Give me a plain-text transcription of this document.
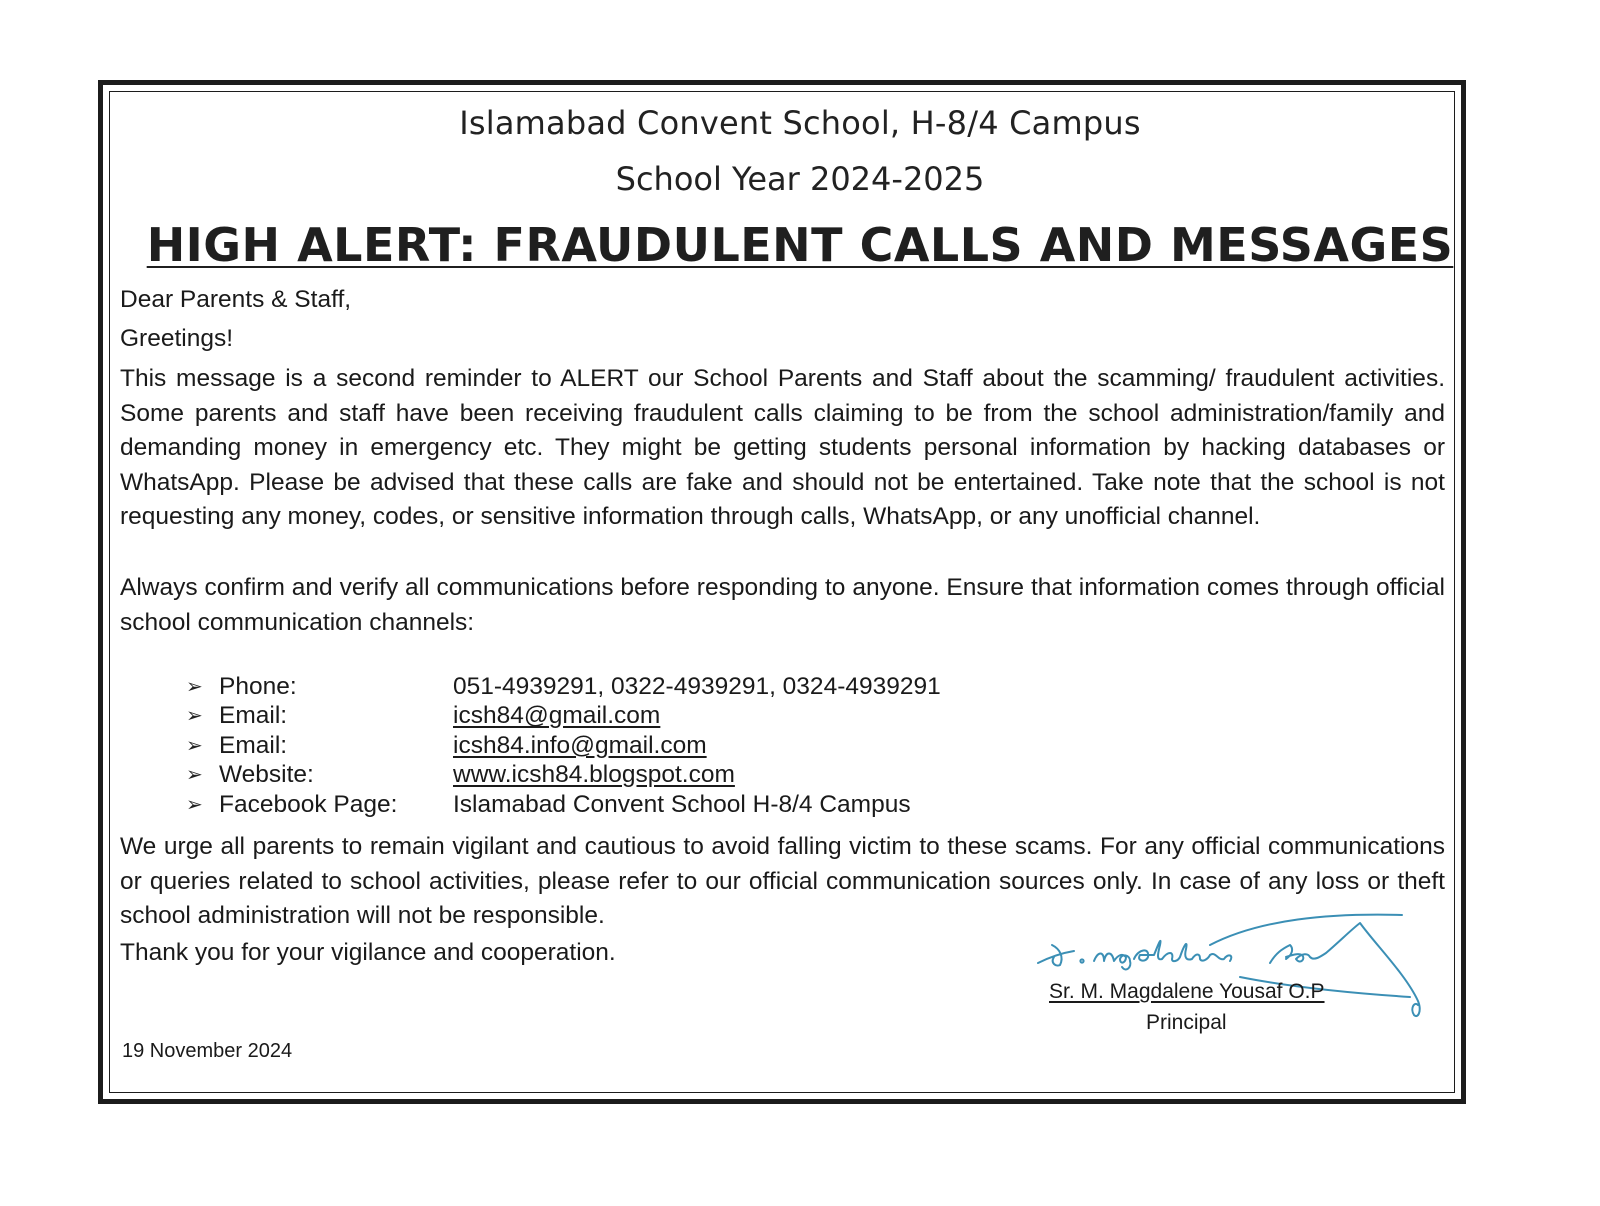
Islamabad Convent School, H-8/4 Campus
School Year 2024-2025
HIGH ALERT: FRAUDULENT CALLS AND MESSAGES

Dear Parents & Staff,

Greetings!

This message is a second reminder to ALERT our School Parents and Staff about the scamming/ fraudulent activities. Some parents and staff have been receiving fraudulent calls claiming to be from the school administration/family and demanding money in emergency etc. They might be getting students personal information by hacking databases or WhatsApp. Please be advised that these calls are fake and should not be entertained. Take note that the school is not requesting any money, codes, or sensitive information through calls, WhatsApp, or any unofficial channel.

Always confirm and verify all communications before responding to anyone. Ensure that information comes through official school communication channels:

➢ Phone:	051-4939291, 0322-4939291, 0324-4939291
➢ Email:	icsh84@gmail.com
➢ Email:	icsh84.info@gmail.com
➢ Website:	www.icsh84.blogspot.com
➢ Facebook Page:	Islamabad Convent School H-8/4 Campus

We urge all parents to remain vigilant and cautious to avoid falling victim to these scams. For any official communications or queries related to school activities, please refer to our official communication sources only. In case of any loss or theft school administration will not be responsible.

Thank you for your vigilance and cooperation.

Sr. M. Magdalene Yousaf O.P
Principal
19 November 2024
